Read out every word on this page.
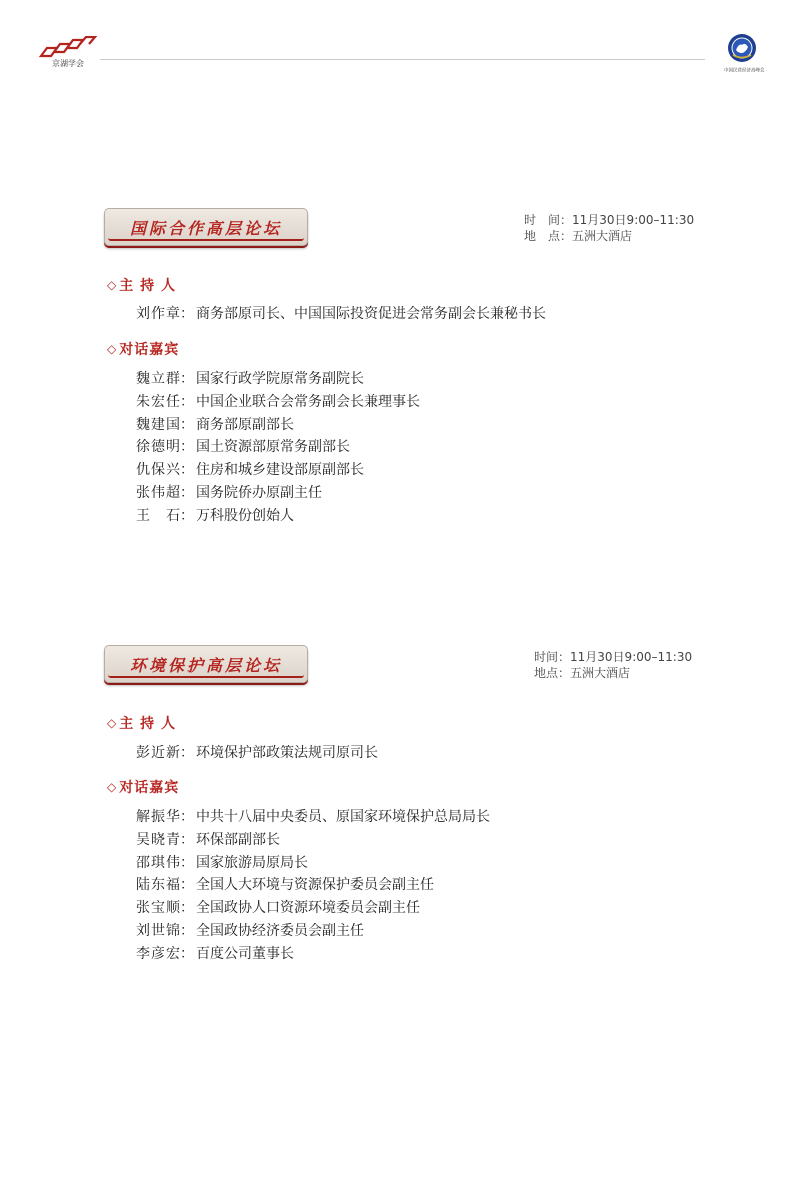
京湖学会
中国民营经济高峰会
国际合作高层论坛	时　间：11月30日9:00–11:30
地　点：五洲大酒店
◇ 主 持 人
刘作章 ： 商务部原司长、中国国际投资促进会常务副会长兼秘书长
◇ 对话嘉宾
魏立群 ： 国家行政学院原常务副院长
朱宏任 ： 中国企业联合会常务副会长兼理事长
魏建国 ： 商务部原副部长
徐德明 ： 国土资源部原常务副部长
仇保兴 ： 住房和城乡建设部原副部长
张伟超 ： 国务院侨办原副主任
王石 ： 万科股份创始人
环境保护高层论坛	时间：11月30日9:00–11:30
地点：五洲大酒店
◇ 主 持 人
彭近新 ： 环境保护部政策法规司原司长
◇ 对话嘉宾
解振华 ： 中共十八届中央委员、原国家环境保护总局局长
吴晓青 ： 环保部副部长
邵琪伟 ： 国家旅游局原局长
陆东福 ： 全国人大环境与资源保护委员会副主任
张宝顺 ： 全国政协人口资源环境委员会副主任
刘世锦 ： 全国政协经济委员会副主任
李彦宏 ： 百度公司董事长
